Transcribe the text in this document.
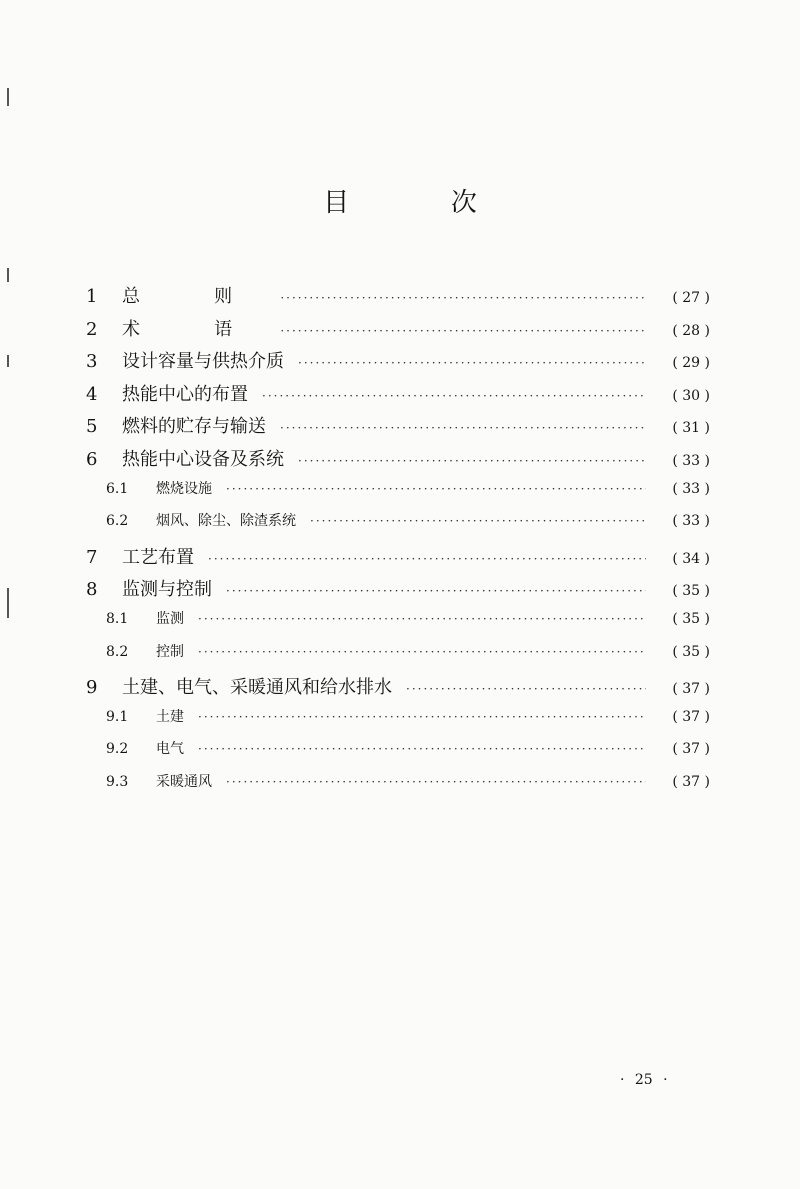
目 次
1	总 则 ·····	( 27 )
2	术 语 ·····	( 28 )
3	设计容量与供热介质 ·····	( 29 )
4	热能中心的布置 ·····	( 30 )
5	燃料的贮存与输送 ·····	( 31 )
6	热能中心设备及系统 ·····	( 33 )
6.1	燃烧设施 ·····	( 33 )
6.2	烟风、除尘、除渣系统 ·····	( 33 )
7	工艺布置 ·····	( 34 )
8	监测与控制 ·····	( 35 )
8.1	监测 ·····	( 35 )
8.2	控制 ·····	( 35 )
9	土建、电气、采暖通风和给水排水 ·····	( 37 )
9.1	土建 ·····	( 37 )
9.2	电气 ·····	( 37 )
9.3	采暖通风 ·····	( 37 )
· 25 ·
